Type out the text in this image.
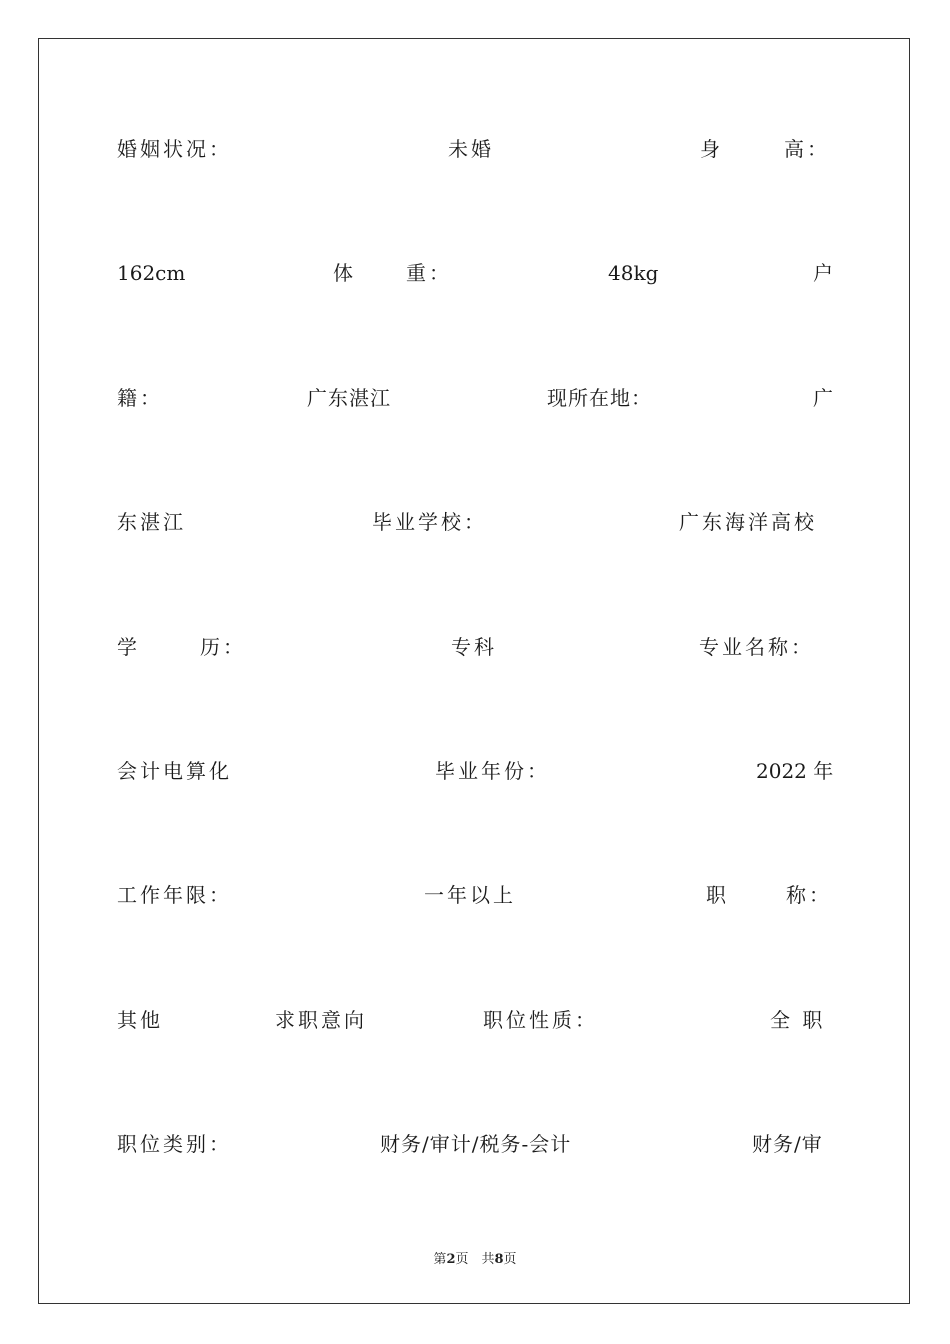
婚姻状况：	未婚	身	高：
162cm	体	重：	48kg	户
籍：	广东湛江	现所在地：	广
东湛江	毕业学校：	广东海洋高校
学	历：	专科	专业名称：
会计电算化	毕业年份：	2022 年
工作年限：	一年以上	职	称：
其他	求职意向	职位性质：	全 职
职位类别：	财务/审计/税务-会计	财务/审
第2页　共8页
